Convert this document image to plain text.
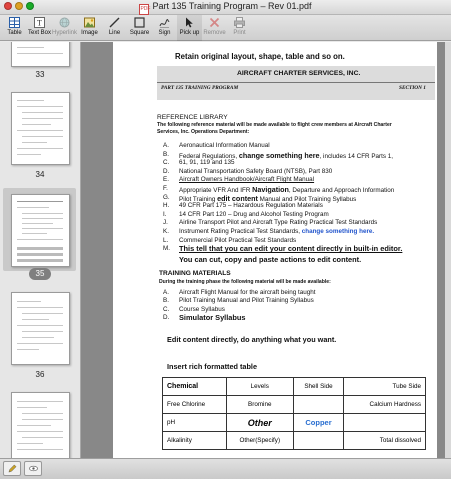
PDF Part 135 Training Program – Rev 01.pdf
Table
T
Text Box Hyperlink Image	Line	Square	Sign	Pick up Remove	Print
33
34
35
36
Retain original layout, shape, table and so on.
AIRCRAFT CHARTER SERVICES, INC.
PART 135 TRAINING PROGRAM	SECTION 1
REFERENCE LIBRARY
The following reference material will be made available to flight crew members at Aircraft Charter
Services, Inc. Operations Department:
A. Aeronautical Information Manual
B. Federal Regulations, change something here, includes 14 CFR Parts 1,
C. 61, 91, 119 and 135
D. National Transportation Safety Board (NTSB), Part 830
E. Aircraft Owners Handbook/Aircraft Flight Manual
F. Appropriate VFR And IFR Navigation, Departure and Approach Information
G. Pilot Training edit content Manual and Pilot Training Syllabus
H. 49 CFR Part 175 – Hazardous Regulation Materials
I. 14 CFR Part 120 – Drug and Alcohol Testing Program
J. Airline Transport Pilot and Aircraft Type Rating Practical Test Standards
K. Instrument Rating Practical Test Standards, change something here.
L. Commercial Pilot Practical Test Standards
M. This tell that you can edit your content directly in built-in editor.
You can cut, copy and paste actions to edit content.
TRAINING MATERIALS
During the training phase the following material will be made available:
A. Aircraft Flight Manual for the aircraft being taught
B. Pilot Training Manual and Pilot Training Syllabus
C. Course Syllabus
D. Simulator Syllabus
Edit content directly, do anything what you want.
Insert rich formatted table
Chemical	Levels	Shell Side	Tube Side
Free Chlorine	Bromine		Calcium Hardness
pH	Other	Copper	
Alkalinity	Other(Specify)		Total dissolved
